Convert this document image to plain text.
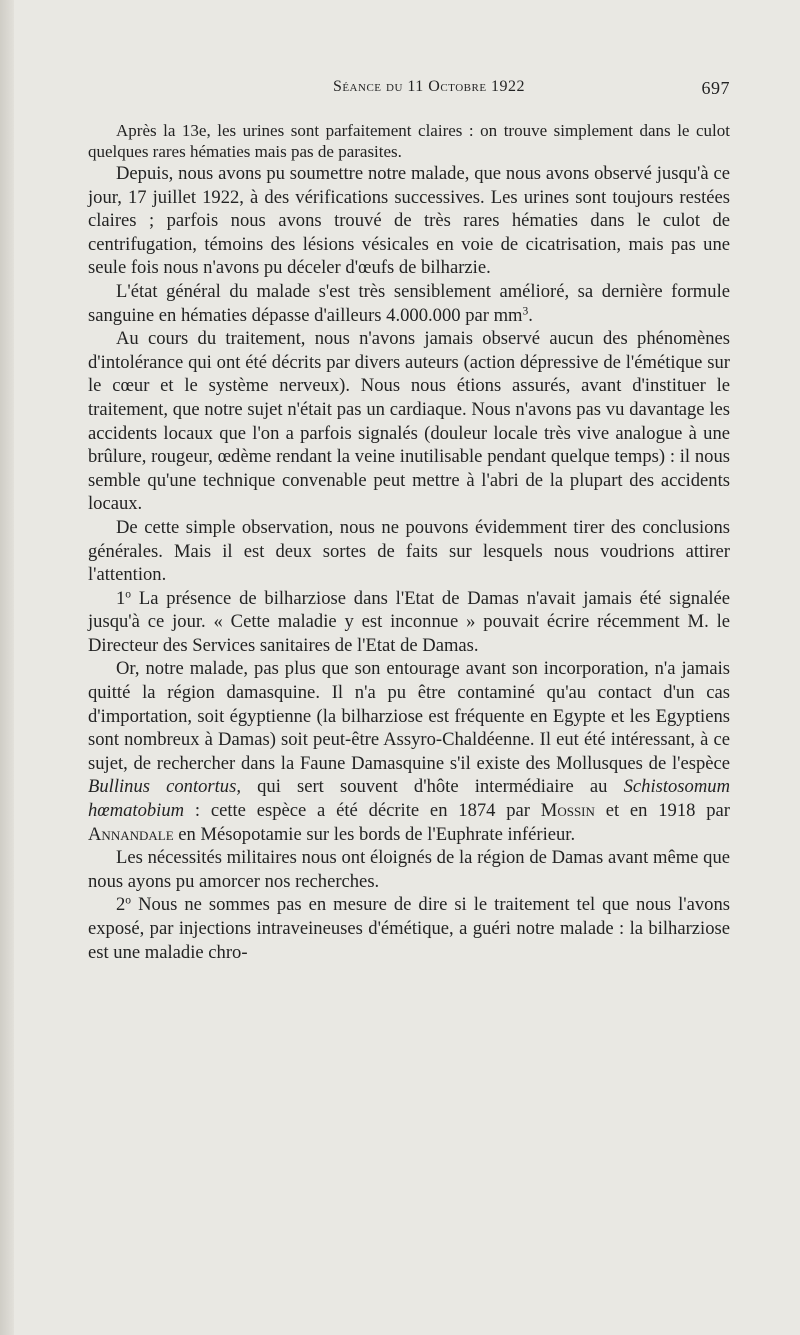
Séance du 11 Octobre 1922	697

Après la 13e, les urines sont parfaitement claires : on trouve simplement dans le culot quelques rares hématies mais pas de parasites.

Depuis, nous avons pu soumettre notre malade, que nous avons observé jusqu'à ce jour, 17 juillet 1922, à des vérifications successives. Les urines sont toujours restées claires ; parfois nous avons trouvé de très rares hématies dans le culot de centrifugation, témoins des lésions vésicales en voie de cicatrisation, mais pas une seule fois nous n'avons pu déceler d'œufs de bilharzie.

L'état général du malade s'est très sensiblement amélioré, sa dernière formule sanguine en hématies dépasse d'ailleurs 4.000.000 par $mm^3$.

Au cours du traitement, nous n'avons jamais observé aucun des phénomènes d'intolérance qui ont été décrits par divers auteurs (action dépressive de l'émétique sur le cœur et le système nerveux). Nous nous étions assurés, avant d'instituer le traitement, que notre sujet n'était pas un cardiaque. Nous n'avons pas vu davantage les accidents locaux que l'on a parfois signalés (douleur locale très vive analogue à une brûlure, rougeur, œdème rendant la veine inutilisable pendant quelque temps) : il nous semble qu'une technique convenable peut mettre à l'abri de la plupart des accidents locaux.

De cette simple observation, nous ne pouvons évidemment tirer des conclusions générales. Mais il est deux sortes de faits sur lesquels nous voudrions attirer l'attention.

1$^o$ La présence de bilharziose dans l'Etat de Damas n'avait jamais été signalée jusqu'à ce jour. « Cette maladie y est inconnue » pouvait écrire récemment M. le Directeur des Services sanitaires de l'Etat de Damas.

Or, notre malade, pas plus que son entourage avant son incorporation, n'a jamais quitté la région damasquine. Il n'a pu être contaminé qu'au contact d'un cas d'importation, soit égyptienne (la bilharziose est fréquente en Egypte et les Egyptiens sont nombreux à Damas) soit peut-être Assyro-Chaldéenne. Il eut été intéressant, à ce sujet, de rechercher dans la Faune Damasquine s'il existe des Mollusques de l'espèce Bullinus contortus, qui sert souvent d'hôte intermédiaire au Schistosomum hœmatobium : cette espèce a été décrite en 1874 par Mossin et en 1918 par Annandale en Mésopotamie sur les bords de l'Euphrate inférieur.

Les nécessités militaires nous ont éloignés de la région de Damas avant même que nous ayons pu amorcer nos recherches.

2$^o$ Nous ne sommes pas en mesure de dire si le traitement tel que nous l'avons exposé, par injections intraveineuses d'émétique, a guéri notre malade : la bilharziose est une maladie chro-
